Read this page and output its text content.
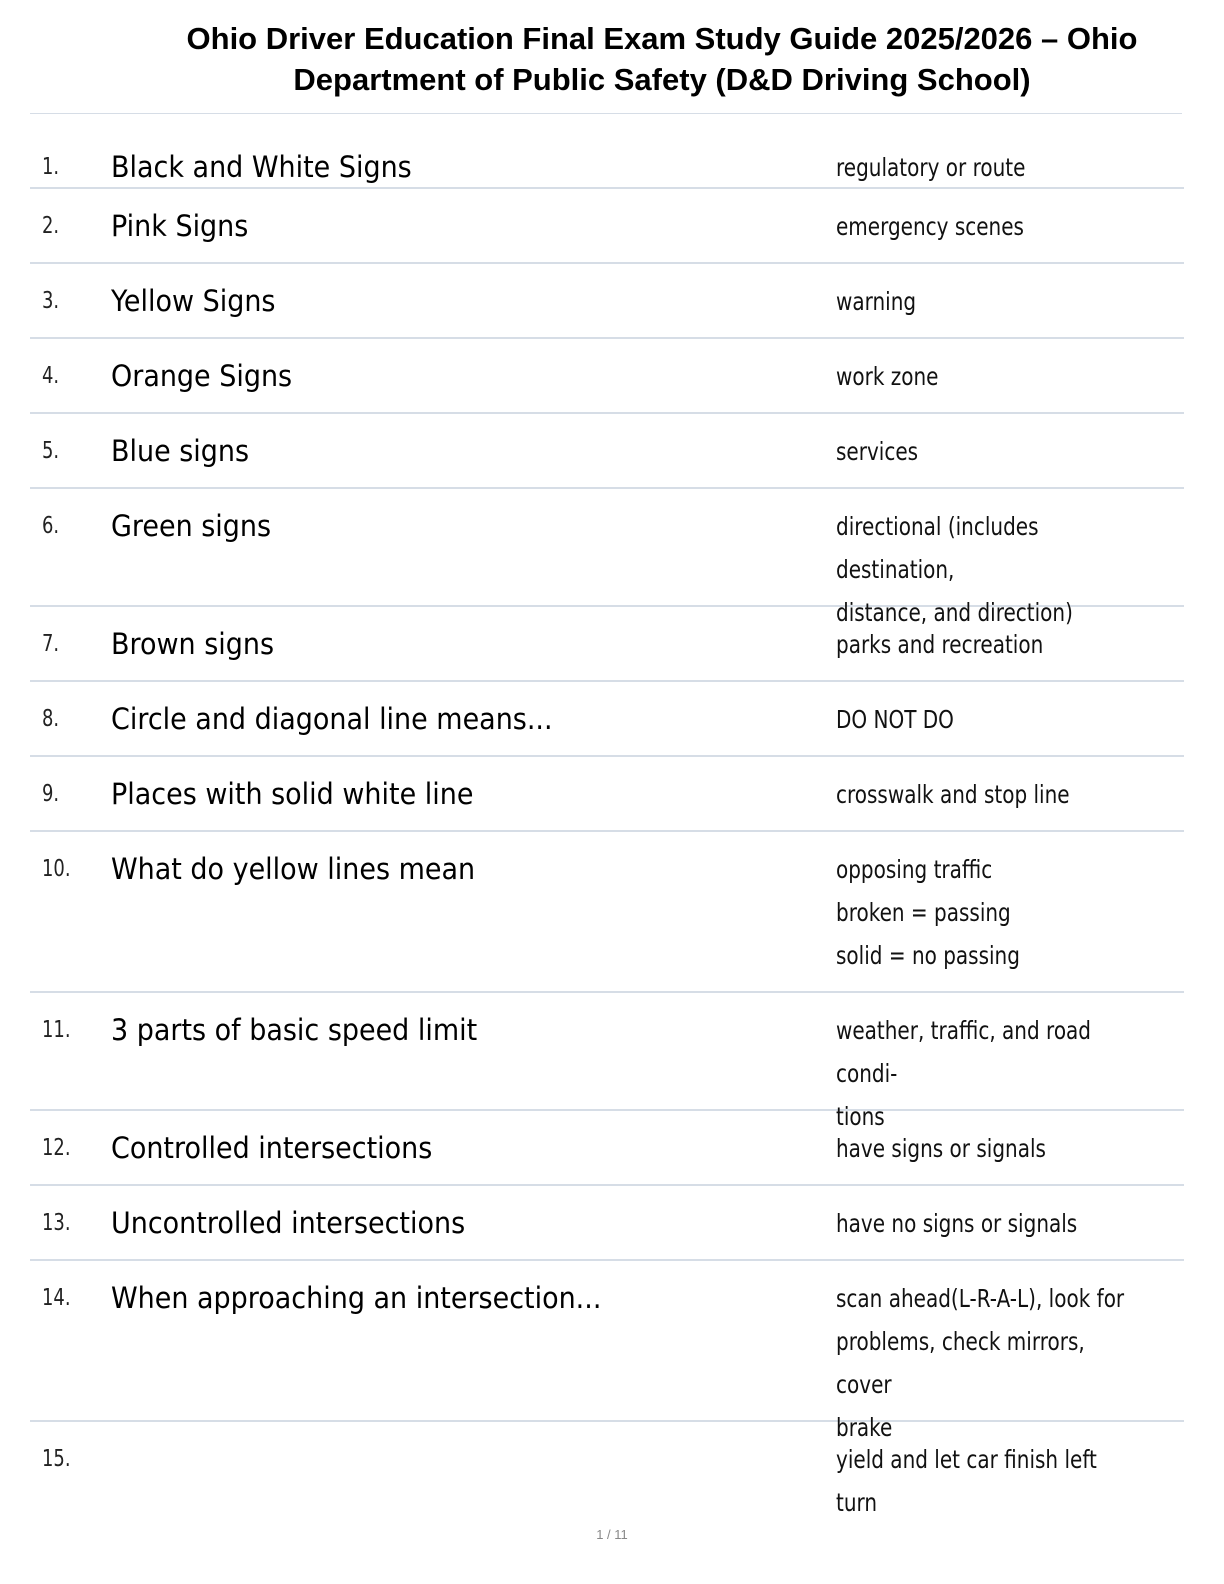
Ohio Driver Education Final Exam Study Guide 2025/2026 – Ohio Department of Public Safety (D&D Driving School)
1. Black and White Signs	regulatory or route
2. Pink Signs	emergency scenes
3. Yellow Signs	warning
4. Orange Signs	work zone
5. Blue signs	services
6. Green signs	directional (includes destination,
distance, and direction)
7. Brown signs	parks and recreation
8. Circle and diagonal line means...	DO NOT DO
9. Places with solid white line	crosswalk and stop line
10. What do yellow lines mean	opposing traffic
broken = passing
solid = no passing
11. 3 parts of basic speed limit	weather, traffic, and road condi-
tions
12. Controlled intersections	have signs or signals
13. Uncontrolled intersections	have no signs or signals
14. When approaching an intersection...	scan ahead(L-R-A-L), look for
problems, check mirrors, cover
brake
15.	yield and let car finish left turn
1 / 11
